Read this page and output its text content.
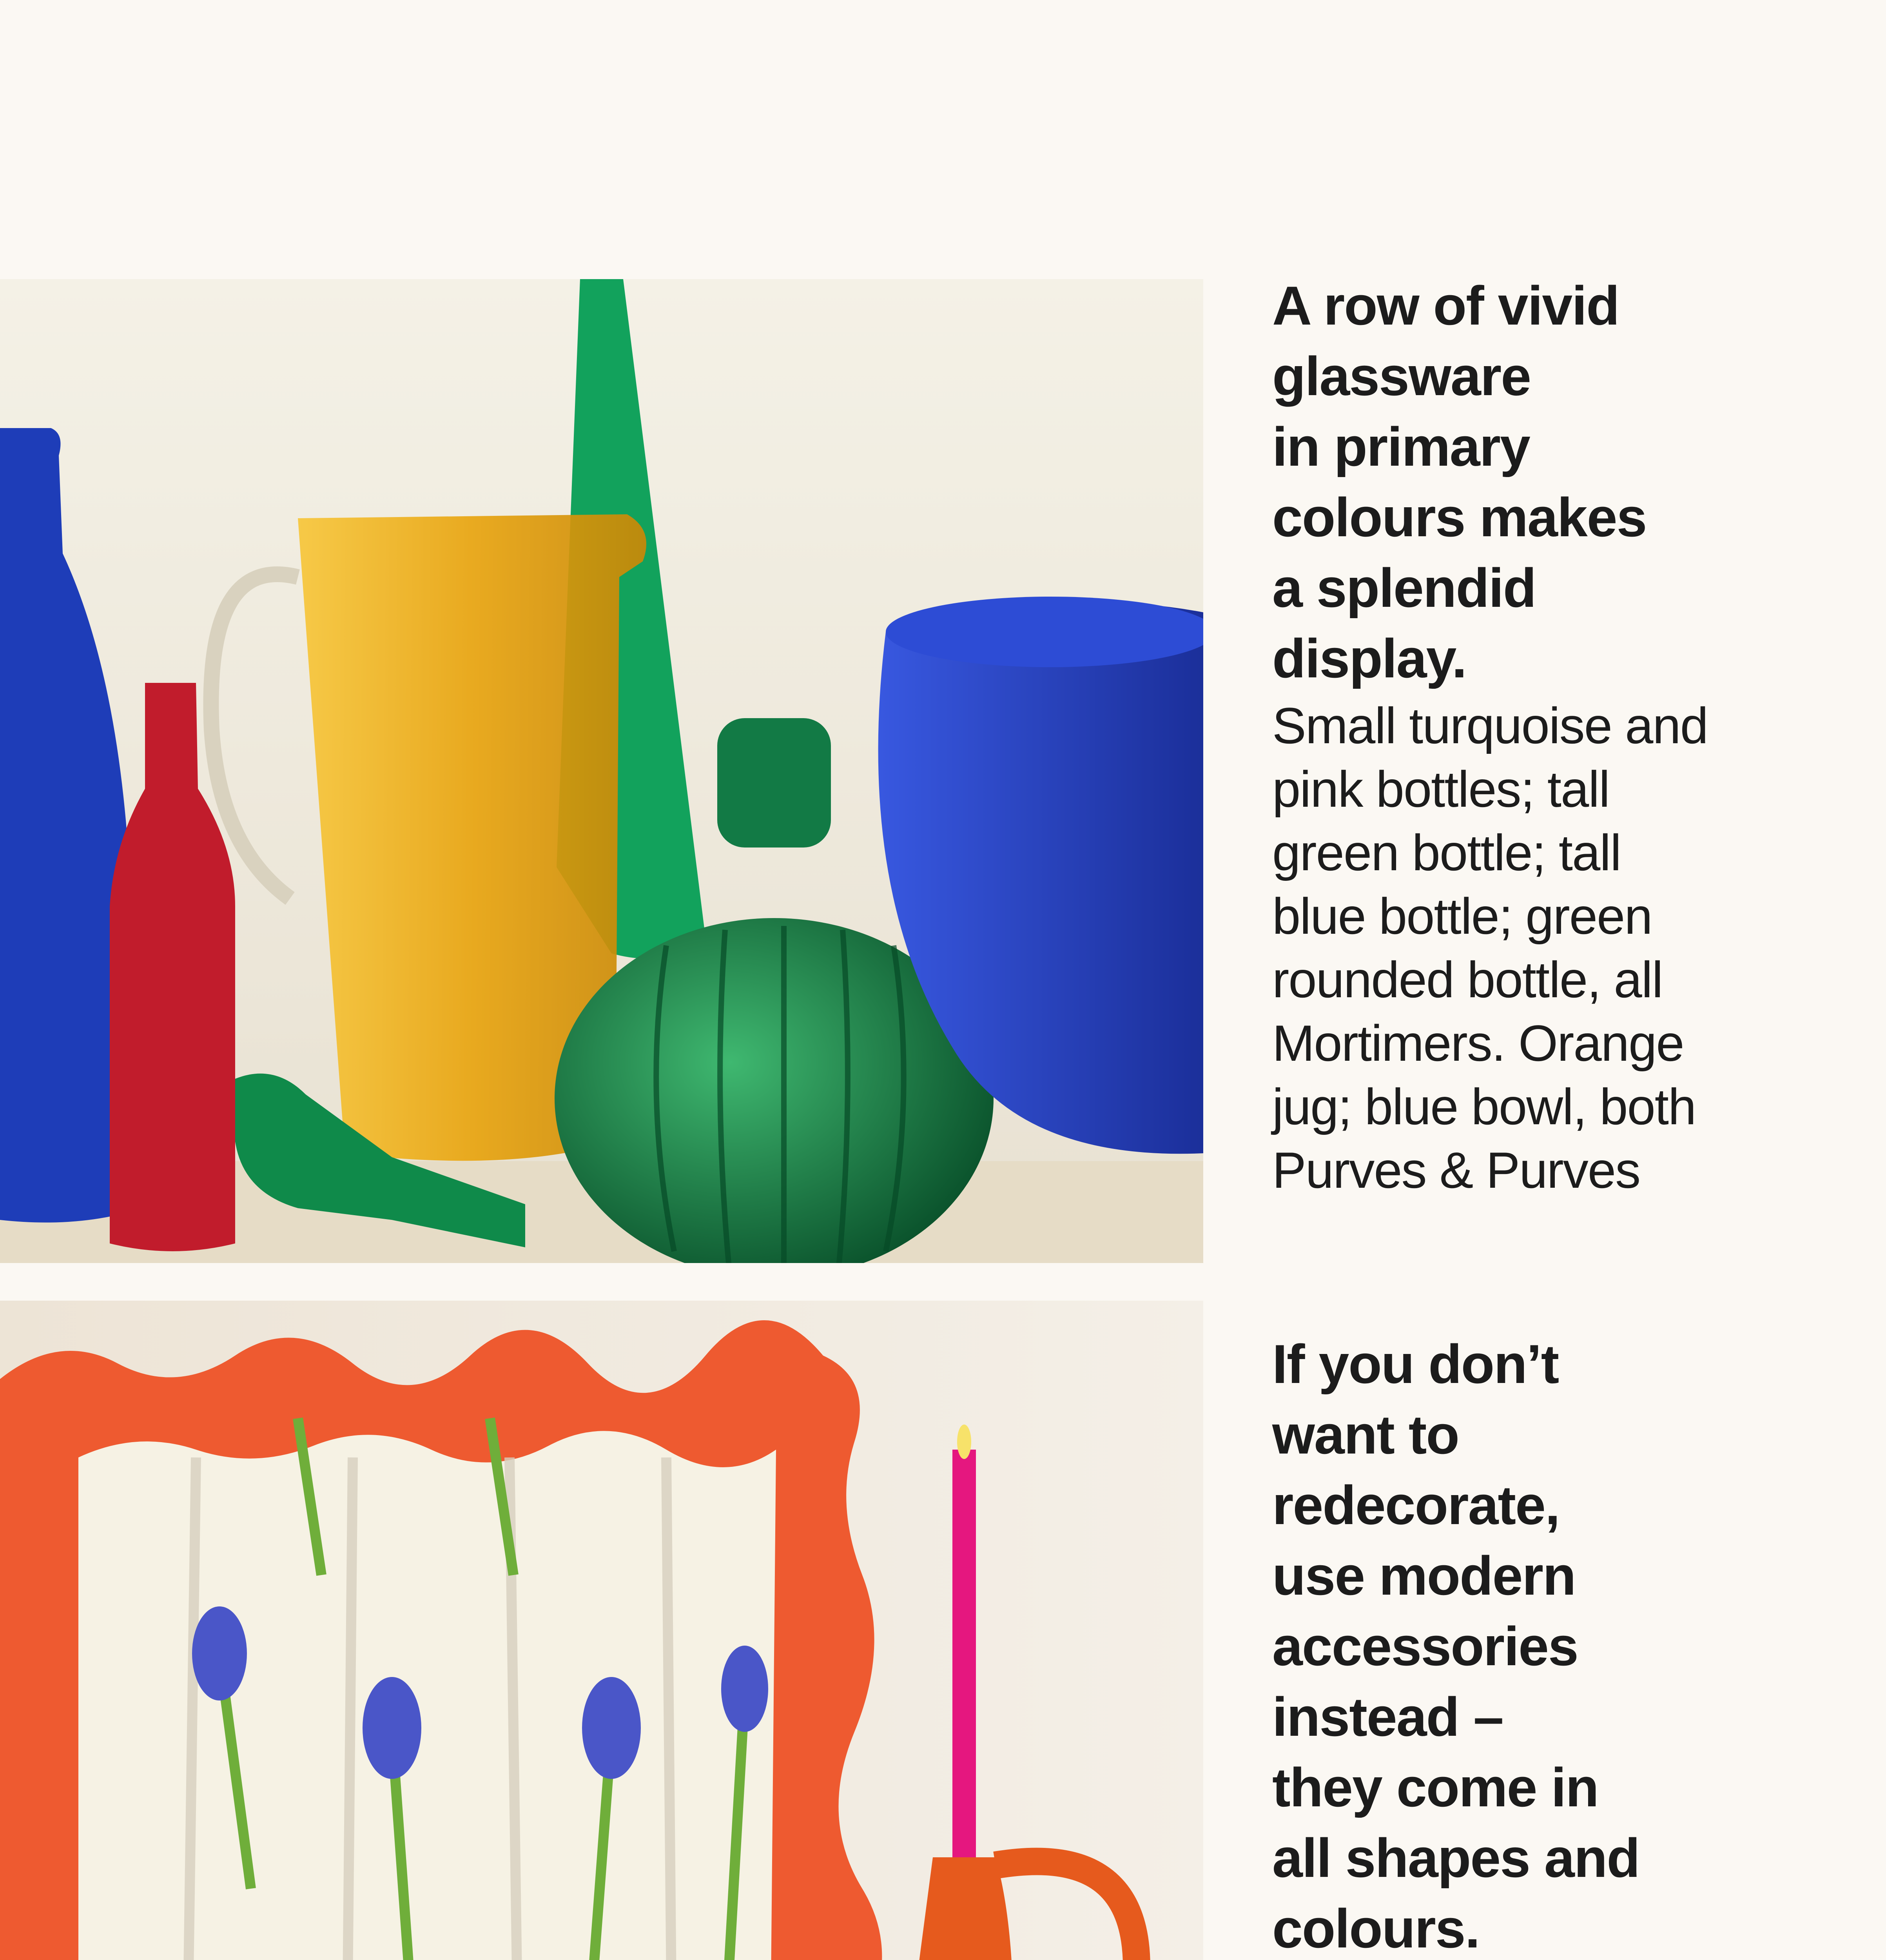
A row of vivid
glassware
in primary
colours makes
a splendid
display.

Small turquoise and
pink bottles; tall
green bottle; tall
blue bottle; green
rounded bottle, all
Mortimers. Orange
jug; blue bowl, both
Purves & Purves

If you don’t
want to
redecorate,
use modern
accessories
instead –
they come in
all shapes and
colours.
